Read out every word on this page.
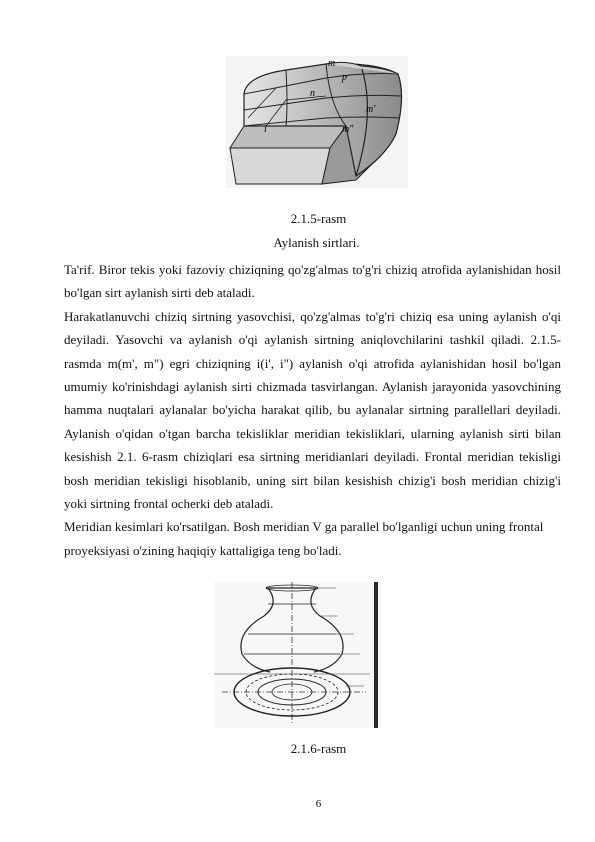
m
p
n
i
m'
m"
2.1.5-rasm
Aylanish sirtlari.

Ta'rif. Biror tekis yoki fazoviy chiziqning qo'zg'almas to'g'ri chiziq atrofida aylanishidan hosil bo'lgan sirt aylanish sirti deb ataladi.

Harakatlanuvchi chiziq sirtning yasovchisi, qo'zg'almas to'g'ri chiziq esa uning aylanish o'qi deyiladi. Yasovchi va aylanish o'qi aylanish sirtning aniqlovchilarini tashkil qiladi. 2.1.5-rasmda m(m', m") egri chiziqning i(i', i") aylanish o'qi atrofida aylanishidan hosil bo'lgan umumiy ko'rinishdagi aylanish sirti chizmada tasvirlangan. Aylanish jarayonida yasovchining hamma nuqtalari aylanalar bo'yicha harakat qilib, bu aylanalar sirtning parallellari deyiladi. Aylanish o'qidan o'tgan barcha tekisliklar meridian tekisliklari, ularning aylanish sirti bilan kesishish 2.1. 6-rasm chiziqlari esa sirtning meridianlari deyiladi. Frontal meridian tekisligi bosh meridian tekisligi hisoblanib, uning sirt bilan kesishish chizig'i bosh meridian chizig'i yoki sirtning frontal ocherki deb ataladi.

Meridian kesimlari ko'rsatilgan. Bosh meridian V ga parallel bo'lganligi uchun uning frontal proyeksiyasi o'zining haqiqiy kattaligiga teng bo'ladi.

2.1.6-rasm
6
